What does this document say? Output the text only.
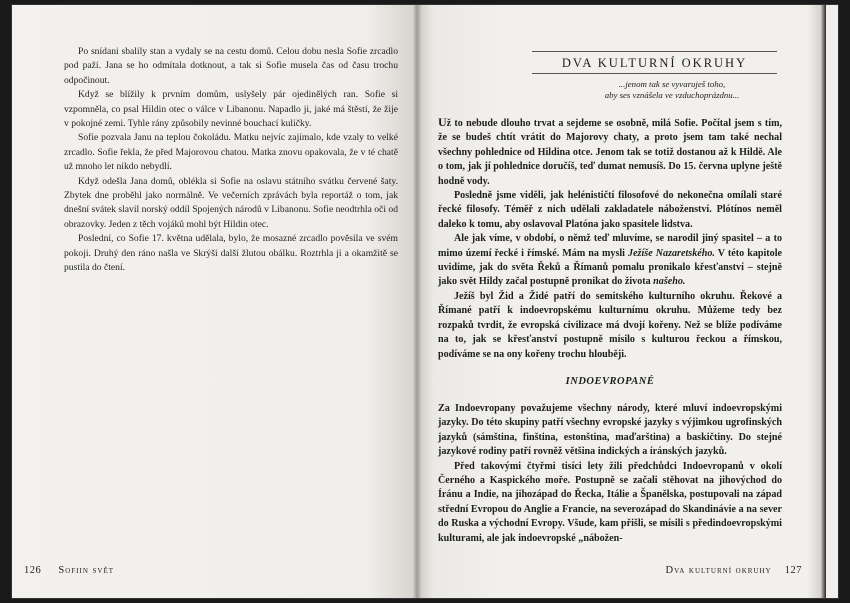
Po snídani sbalily stan a vydaly se na cestu domů. Celou dobu nesla Sofie zrcadlo pod paží. Jana se ho odmítala dotknout, a tak si Sofie musela čas od času trochu odpočinout.

Když se blížily k prvním domům, uslyšely pár ojedinělých ran. Sofie si vzpomněla, co psal Hildin otec o válce v Libanonu. Napadlo ji, jaké má štěstí, že žije v pokojné zemi. Tyhle rány způsobily nevinné bouchací kuličky.

Sofie pozvala Janu na teplou čokoládu. Matku nejvíc zajímalo, kde vzaly to velké zrcadlo. Sofie řekla, že před Majorovou chatou. Matka znovu opakovala, že v té chatě už mnoho let nikdo nebydlí.

Když odešla Jana domů, oblékla si Sofie na oslavu státního svátku červené šaty. Zbytek dne proběhl jako normálně. Ve večerních zprávách byla reportáž o tom, jak dnešní svátek slavil norský oddíl Spojených národů v Libanonu. Sofie neodtrhla oči od obrazovky. Jeden z těch vojáků mohl být Hildin otec.

Poslední, co Sofie 17. května udělala, bylo, že mosazné zrcadlo pověsila ve svém pokoji. Druhý den ráno našla ve Skrýši další žlutou obálku. Roztrhla ji a okamžitě se pustila do čtení.

126 Sofiin svět
DVA KULTURNÍ OKRUHY
...jenom tak se vyvaruješ toho,
aby ses vznášela ve vzduchoprázdnu...

Už to nebude dlouho trvat a sejdeme se osobně, milá Sofie. Počítal jsem s tím, že se budeš chtít vrátit do Majorovy chaty, a proto jsem tam také nechal všechny pohlednice od Hildina otce. Jenom tak se totiž dostanou až k Hildě. Ale o tom, jak jí pohlednice doručíš, teď dumat nemusíš. Do 15. června uplyne ještě hodně vody.

Posledně jsme viděli, jak helénističtí filosofové do nekonečna omílali staré řecké filosofy. Téměř z nich udělali zakladatele náboženství. Plótínos neměl daleko k tomu, aby oslavoval Platóna jako spasitele lidstva.

Ale jak víme, v období, o němž teď mluvíme, se narodil jiný spasitel – a to mimo území řecké i římské. Mám na mysli Ježíše Nazaretského. V této kapitole uvidíme, jak do světa Řeků a Římanů pomalu pronikalo křesťanství – stejně jako svět Hildy začal postupně pronikat do života našeho.

Ježíš byl Žid a Židé patří do semitského kulturního okruhu. Řekové a Římané patří k indoevropskému kulturnímu okruhu. Můžeme tedy bez rozpaků tvrdit, že evropská civilizace má dvojí kořeny. Než se blíže podíváme na to, jak se křesťanství postupně mísilo s kulturou řeckou a římskou, podíváme se na ony kořeny trochu hlouběji.

INDOEVROPANÉ

Za Indoevropany považujeme všechny národy, které mluví indoevropskými jazyky. Do této skupiny patří všechny evropské jazyky s výjimkou ugrofinských jazyků (sámština, finština, estonština, maďarština) a baskičtiny. Do stejné jazykové rodiny patří rovněž většina indických a íránských jazyků.

Před takovými čtyřmi tisíci lety žili předchůdci Indoevropanů v okolí Černého a Kaspického moře. Postupně se začali stěhovat na jihovýchod do Íránu a Indie, na jihozápad do Řecka, Itálie a Španělska, postupovali na západ střední Evropou do Anglie a Francie, na severozápad do Skandinávie a na sever do Ruska a východní Evropy. Všude, kam přišli, se mísili s předindoevropskými kulturami, ale jak indoevropské „nábožen-

Dva kulturní okruhy 127
